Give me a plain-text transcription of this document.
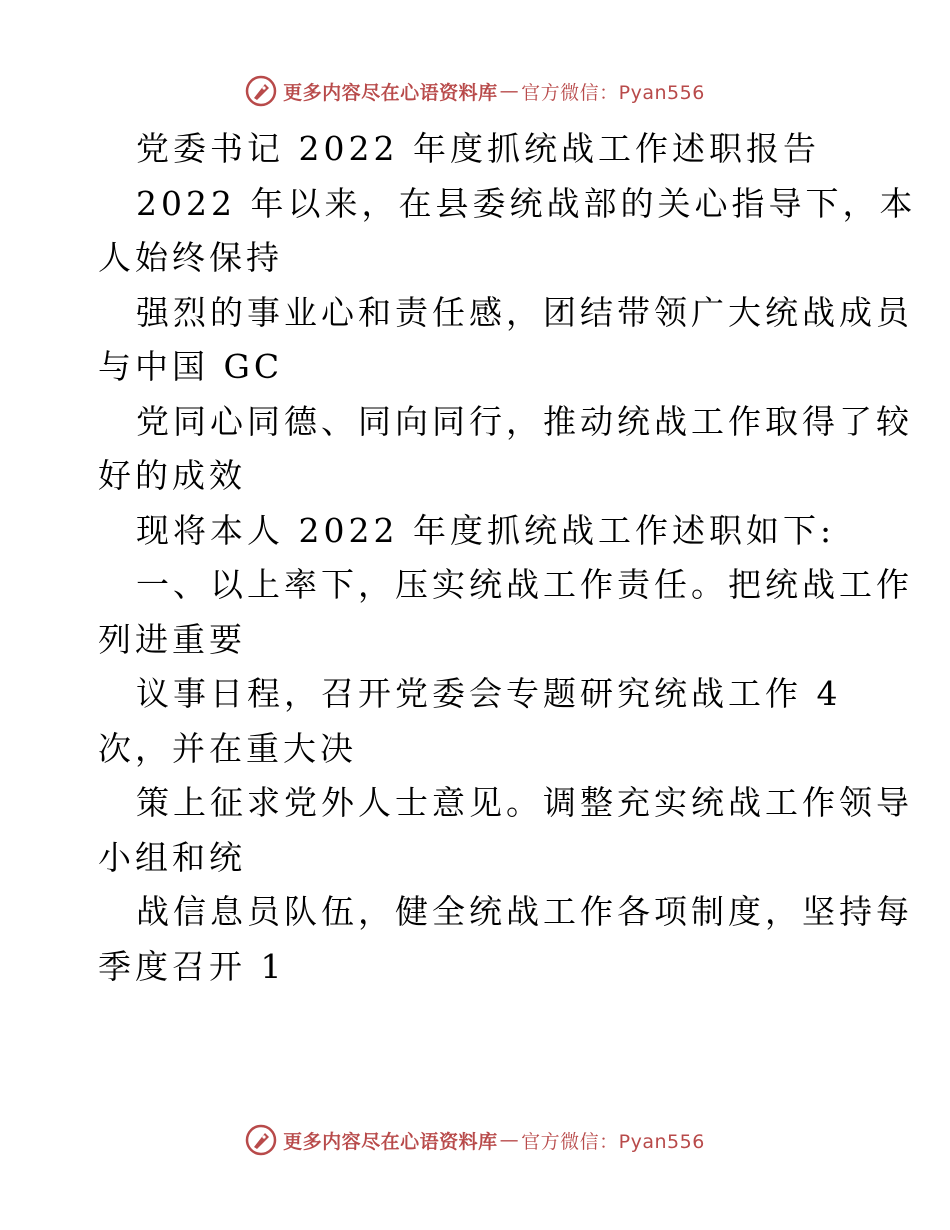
更多内容尽在心语资料库 — 官方微信：Pyan556
党委书记 2022 年度抓统战工作述职报告
2022 年以来，在县委统战部的关心指导下，本
人始终保持
强烈的事业心和责任感，团结带领广大统战成员
与中国 GC
党同心同德、同向同行，推动统战工作取得了较
好的成效
现将本人 2022 年度抓统战工作述职如下:
一、以上率下，压实统战工作责任。把统战工作
列进重要
议事日程，召开党委会专题研究统战工作 4
次，并在重大决
策上征求党外人士意见。调整充实统战工作领导
小组和统
战信息员队伍，健全统战工作各项制度，坚持每
季度召开 1
更多内容尽在心语资料库 — 官方微信：Pyan556
